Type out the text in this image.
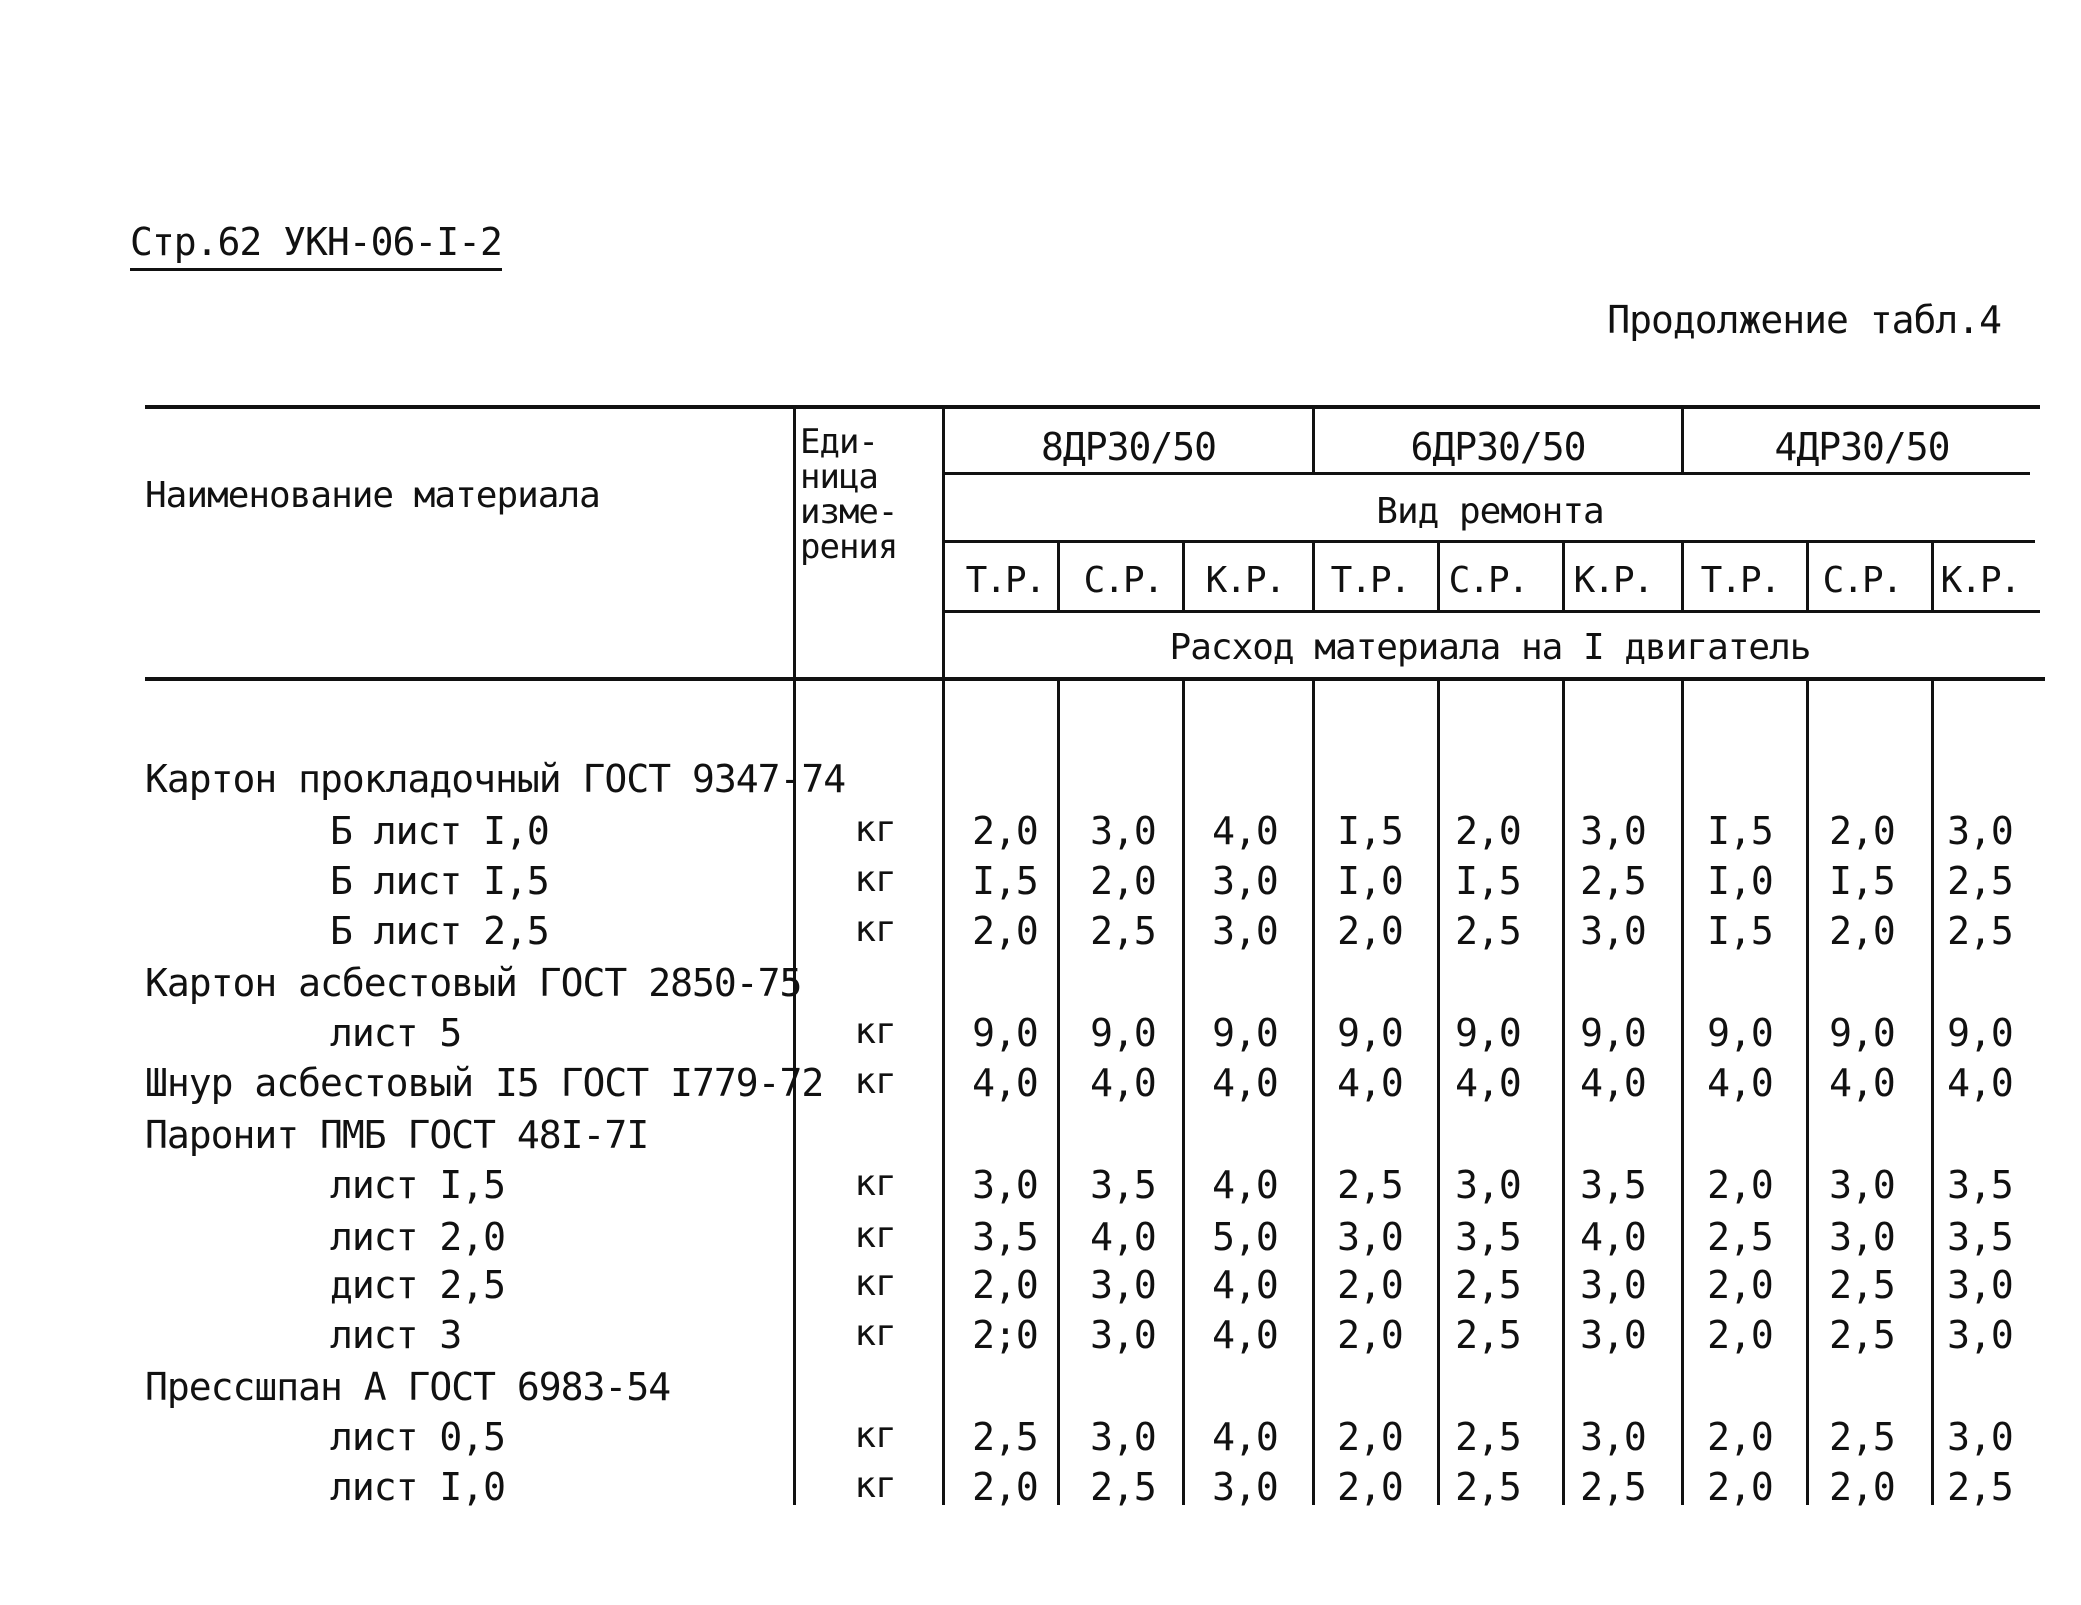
Стр.62 УКН-06-I-2
Продолжение табл.4
Наименование материала
Еди-
ница
изме-
рения
8ДР30/50	6ДР30/50	4ДР30/50
Вид ремонта
Расход материала на I двигатель
Т.Р.	С.Р.	К.Р.	Т.Р.	С.Р.	К.Р.	Т.Р.	С.Р.	К.Р.
Картон прокладочный ГОСТ 9347-74
Б лист I,0	кг	2,0	3,0	4,0	I,5	2,0	3,0	I,5	2,0	3,0
Б лист I,5	кг	I,5	2,0	3,0	I,0	I,5	2,5	I,0	I,5	2,5
Б лист 2,5	кг	2,0	2,5	3,0	2,0	2,5	3,0	I,5	2,0	2,5
Картон асбестовый ГОСТ 2850-75
лист 5	кг	9,0	9,0	9,0	9,0	9,0	9,0	9,0	9,0	9,0
Шнур асбестовый I5 ГОСТ I779-72 кг	4,0	4,0	4,0	4,0	4,0	4,0	4,0	4,0	4,0
Паронит ПМБ ГОСТ 48I-7I
лист I,5	кг	3,0	3,5	4,0	2,5	3,0	3,5	2,0	3,0	3,5
лист 2,0	кг	3,5	4,0	5,0	3,0	3,5	4,0	2,5	3,0	3,5
дист 2,5	кг	2,0	3,0	4,0	2,0	2,5	3,0	2,0	2,5	3,0
лист 3	кг	2;0	3,0	4,0	2,0	2,5	3,0	2,0	2,5	3,0
Прессшпан А ГОСТ 6983-54
лист 0,5	кг	2,5	3,0	4,0	2,0	2,5	3,0	2,0	2,5	3,0
лист I,0	кг	2,0	2,5	3,0	2,0	2,5	2,5	2,0	2,0	2,5
